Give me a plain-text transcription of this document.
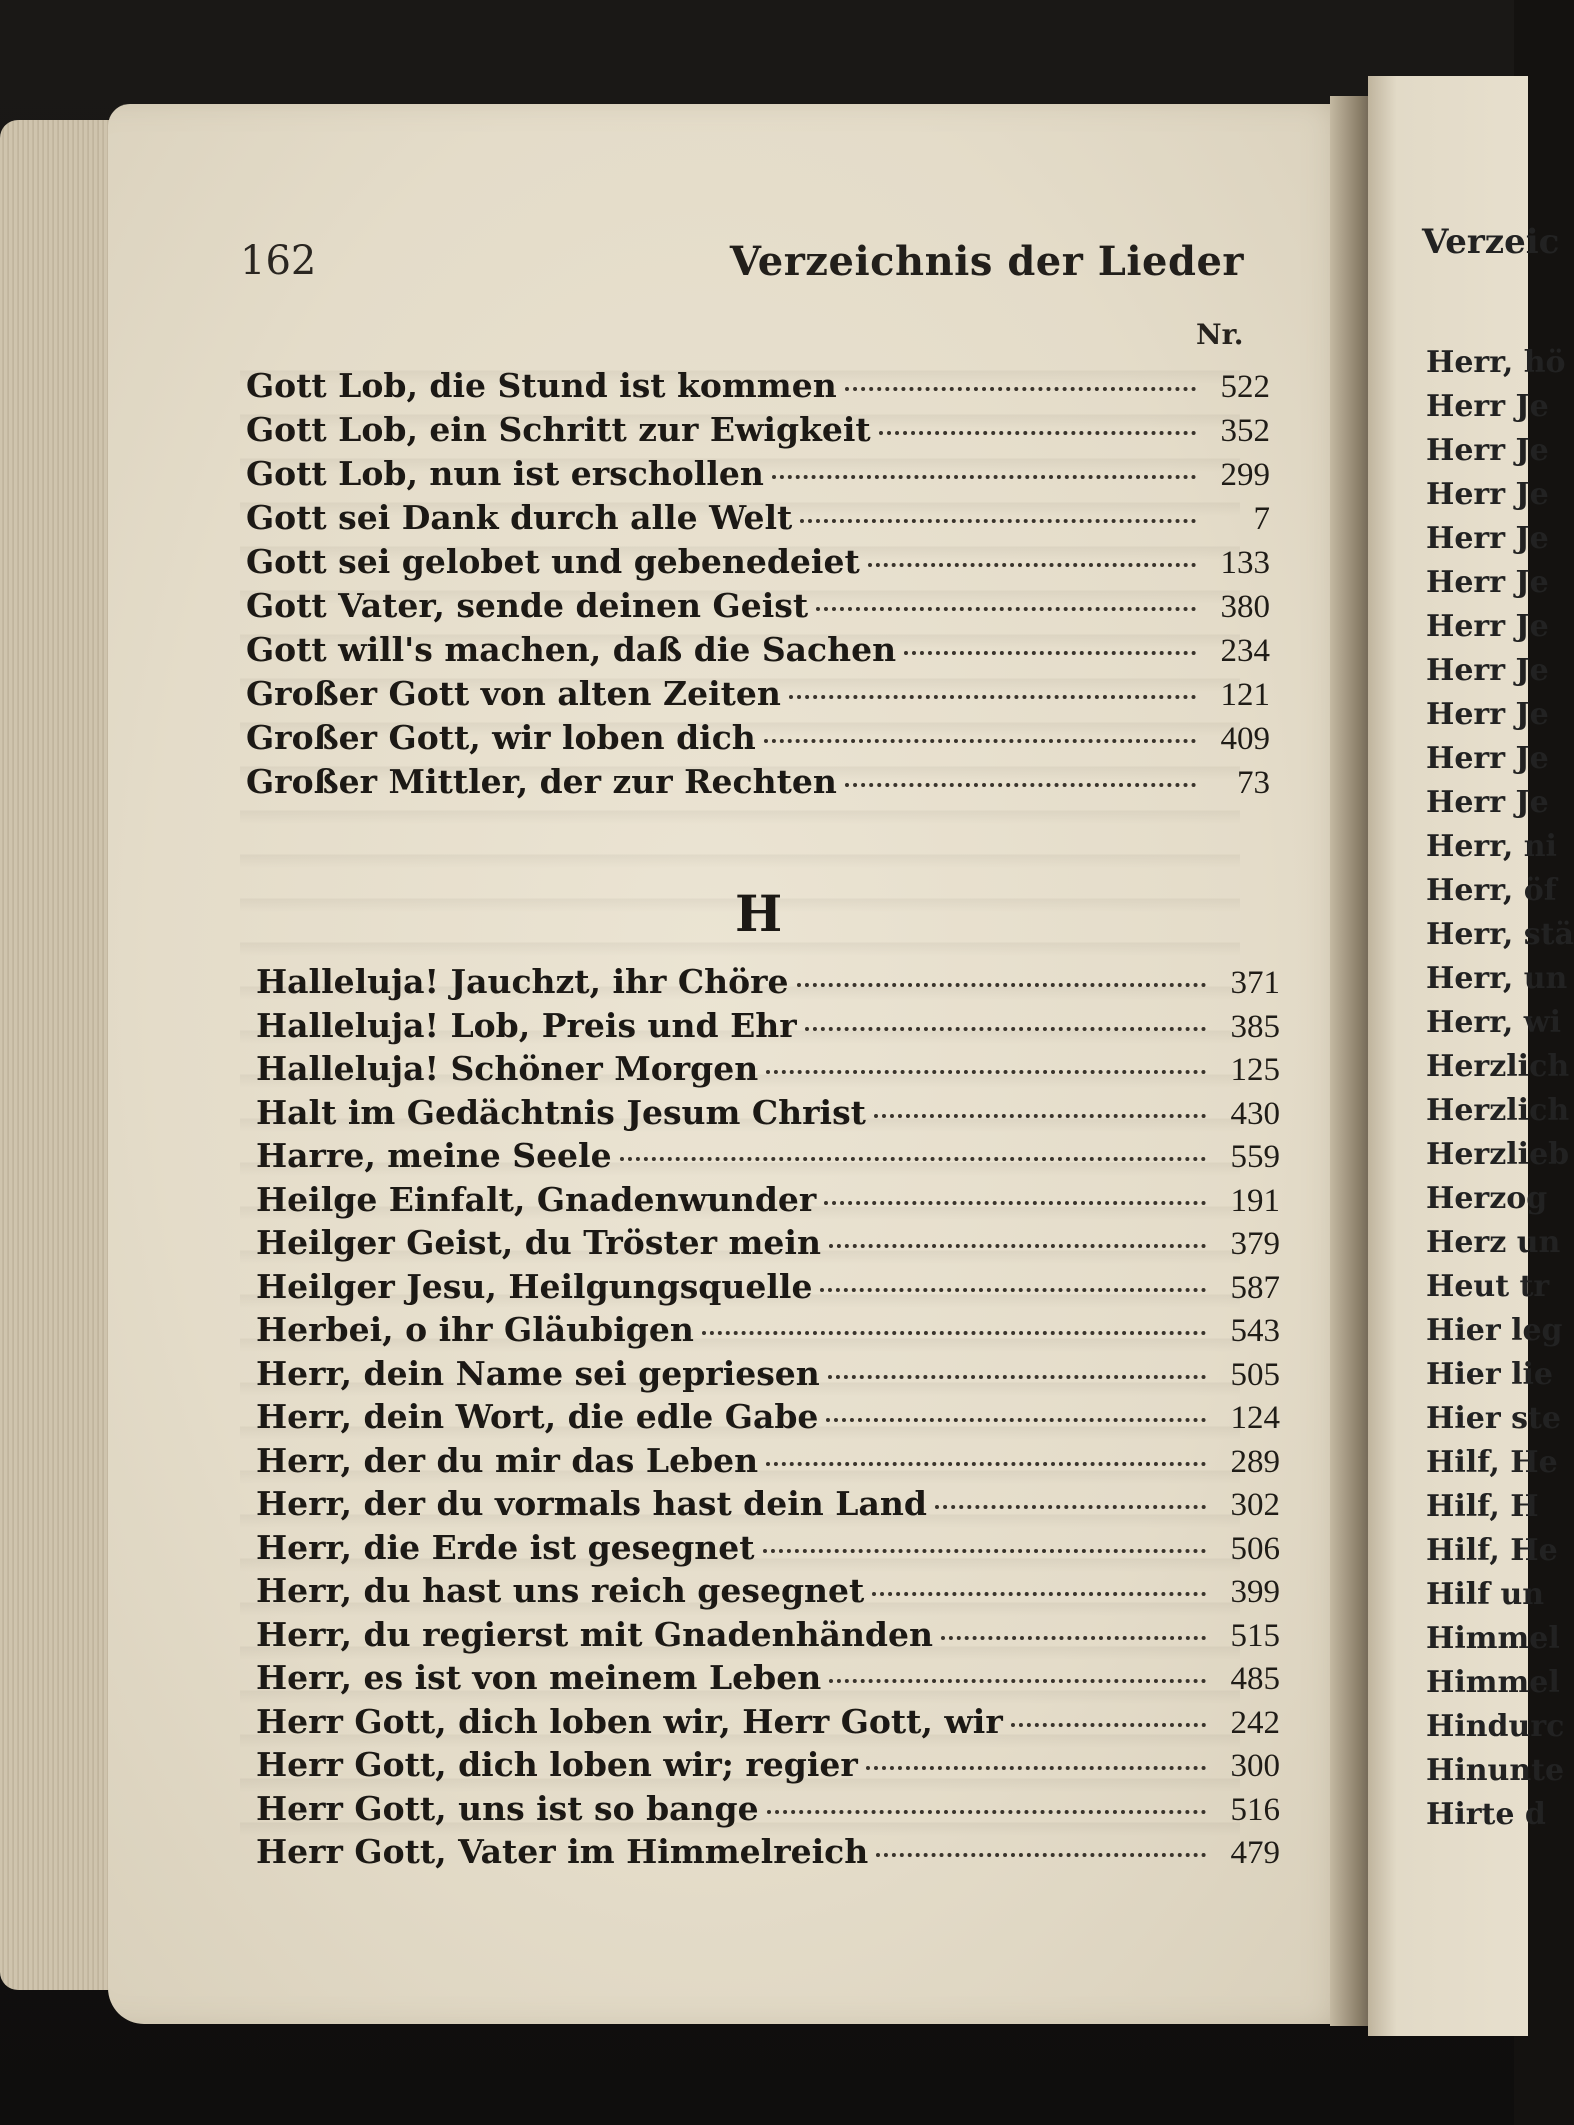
162	Verzeichnis der Lieder
Nr.
Gott Lob, die Stund ist kommen	522
Gott Lob, ein Schritt zur Ewigkeit	352
Gott Lob, nun ist erschollen	299
Gott sei Dank durch alle Welt	7
Gott sei gelobet und gebenedeiet	133
Gott Vater, sende deinen Geist	380
Gott will's machen, daß die Sachen	234
Großer Gott von alten Zeiten	121
Großer Gott, wir loben dich	409
Großer Mittler, der zur Rechten	73
H
Halleluja! Jauchzt, ihr Chöre	371
Halleluja! Lob, Preis und Ehr	385
Halleluja! Schöner Morgen	125
Halt im Gedächtnis Jesum Christ	430
Harre, meine Seele	559
Heilge Einfalt, Gnadenwunder	191
Heilger Geist, du Tröster mein	379
Heilger Jesu, Heilgungsquelle	587
Herbei, o ihr Gläubigen	543
Herr, dein Name sei gepriesen	505
Herr, dein Wort, die edle Gabe	124
Herr, der du mir das Leben	289
Herr, der du vormals hast dein Land	302
Herr, die Erde ist gesegnet	506
Herr, du hast uns reich gesegnet	399
Herr, du regierst mit Gnadenhänden	515
Herr, es ist von meinem Leben	485
Herr Gott, dich loben wir, Herr Gott, wir	242
Herr Gott, dich loben wir; regier	300
Herr Gott, uns ist so bange	516
Herr Gott, Vater im Himmelreich	479
Verzeic
Herr, hö
Herr Je
Herr Je
Herr Je
Herr Je
Herr Je
Herr Je
Herr Je
Herr Je
Herr Je
Herr Je
Herr, ni
Herr, öf
Herr, stä
Herr, un
Herr, wi
Herzlich
Herzlich
Herzlieb
Herzog
Herz un
Heut tr
Hier leg
Hier lie
Hier ste
Hilf, He
Hilf, H
Hilf, He
Hilf un
Himmel
Himmel
Hindurc
Hinunte
Hirte d
